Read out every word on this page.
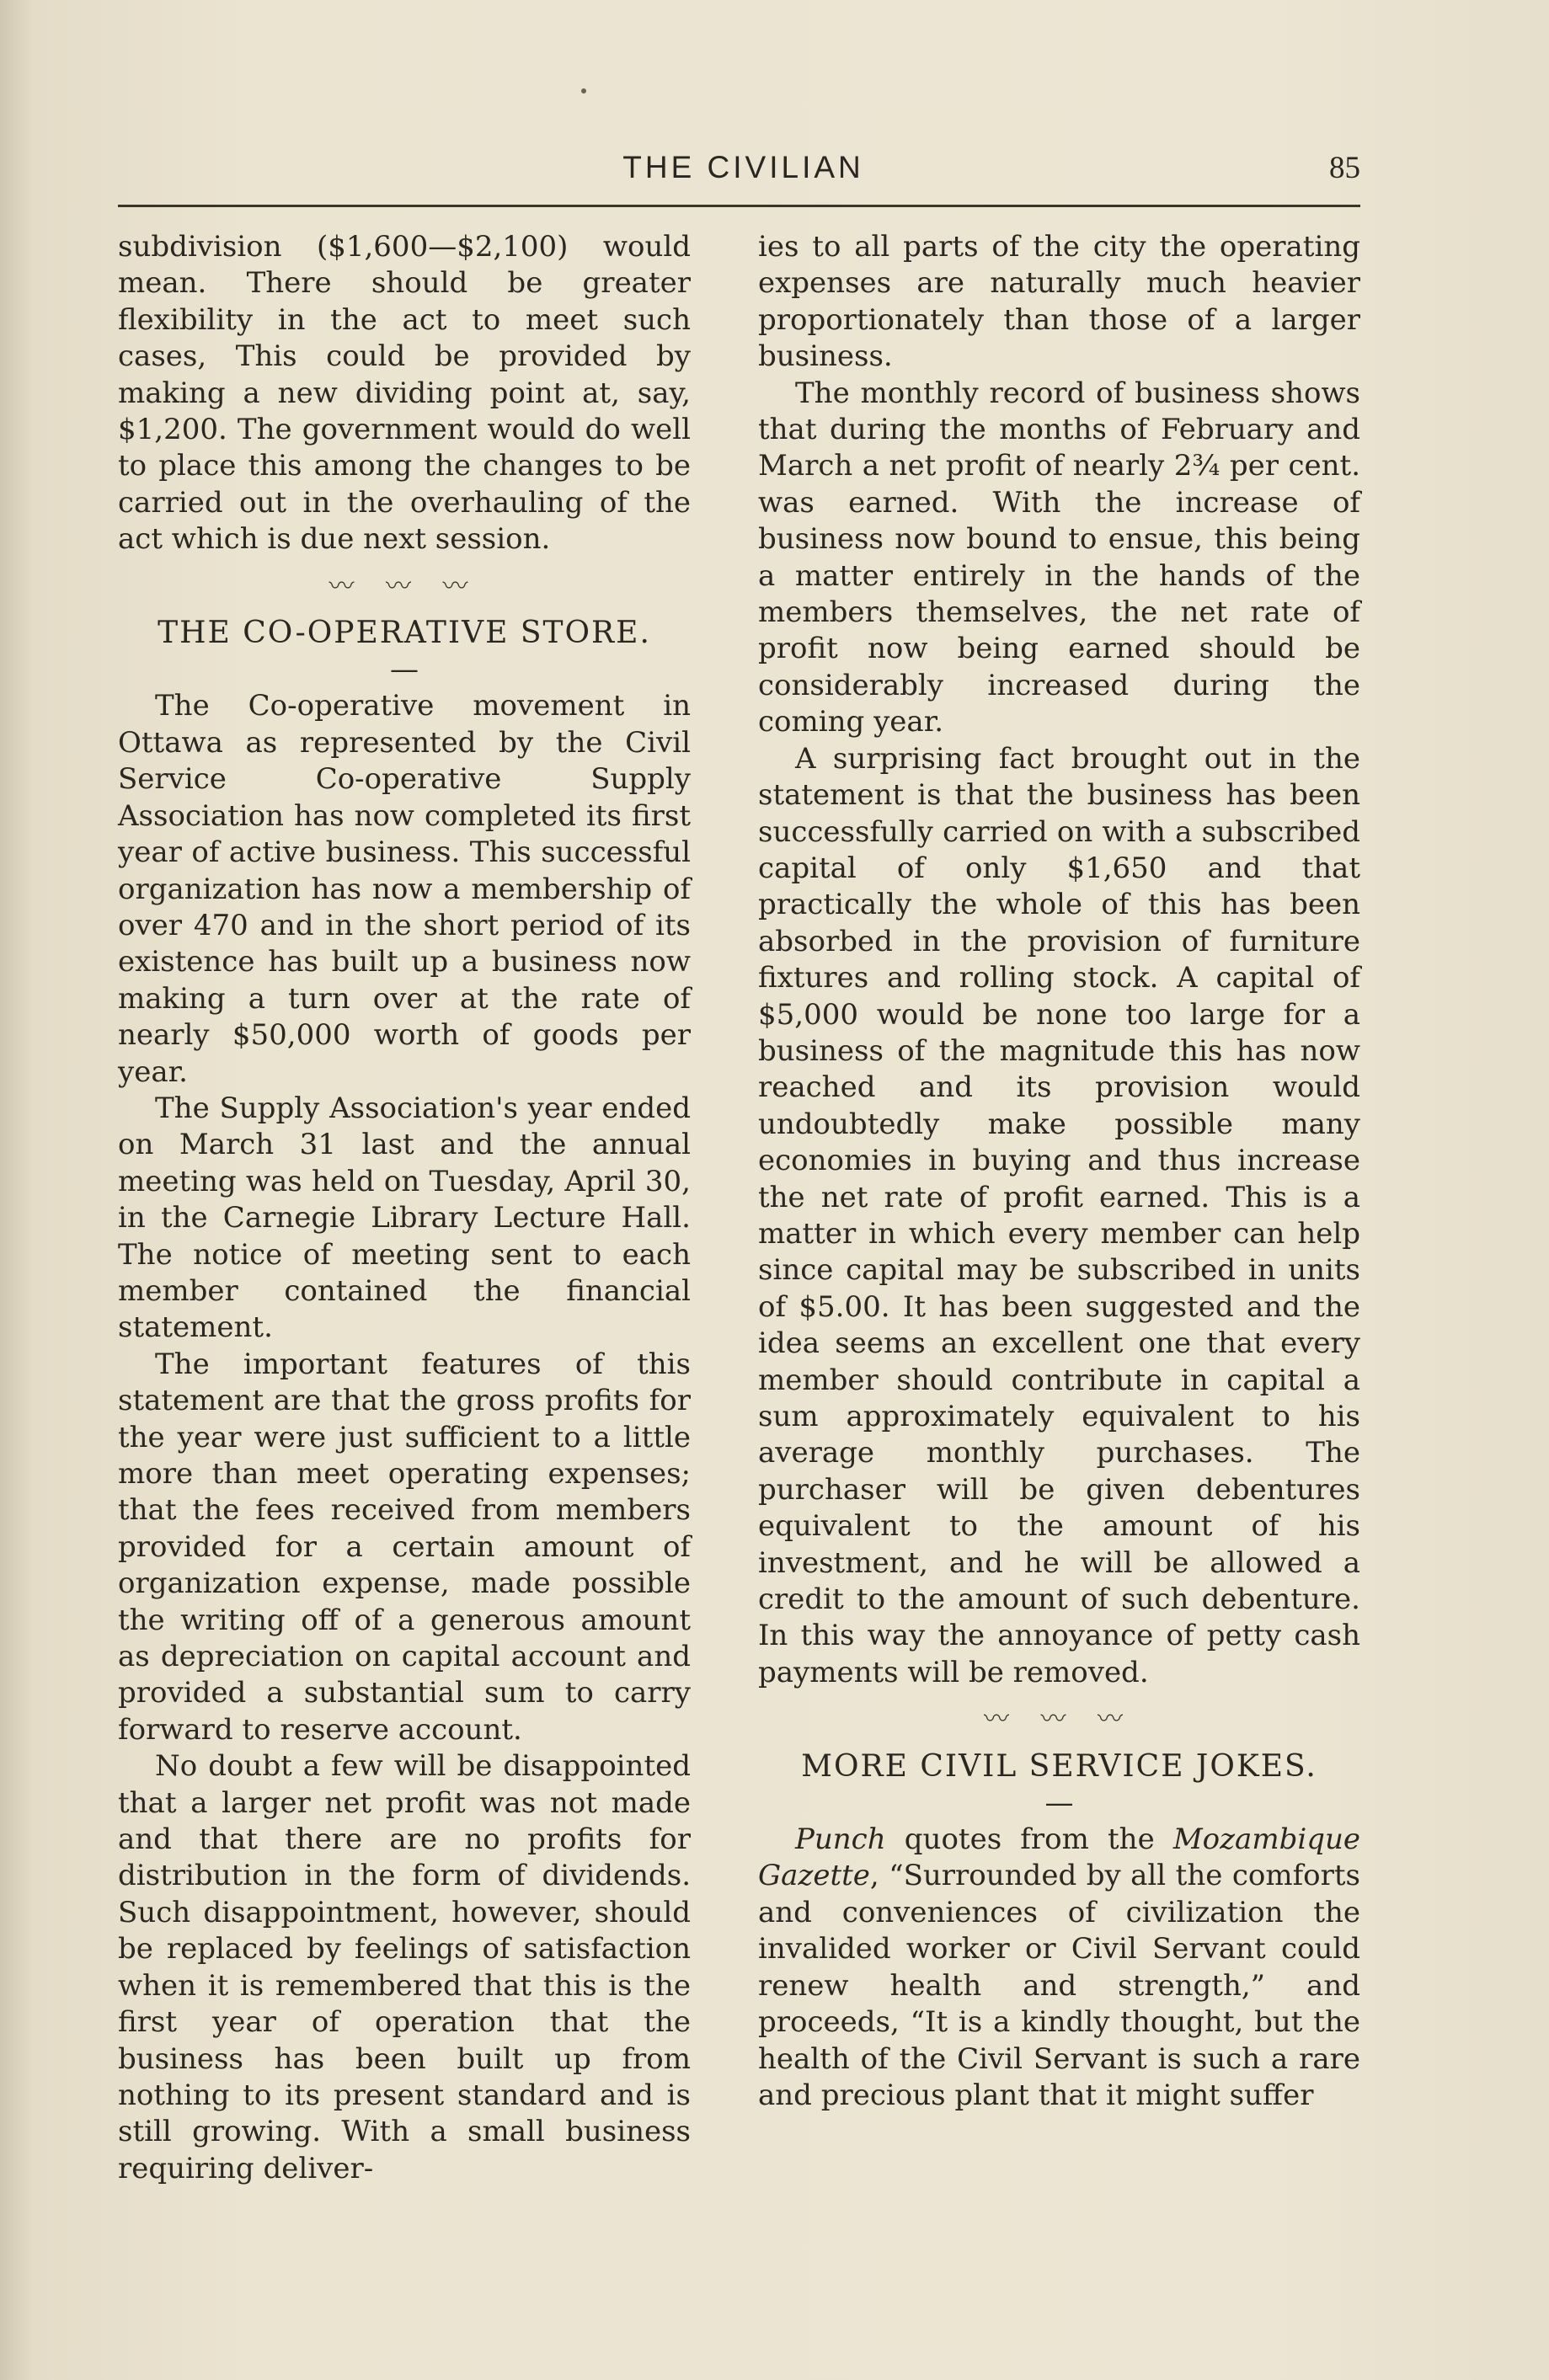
THE CIVILIAN	85

subdivision ($1,600—$2,100) would mean. There should be greater flexibility in the act to meet such cases, This could be provided by making a new dividing point at, say, $1,200. The government would do well to place this among the changes to be carried out in the overhauling of the act which is due next session.

〰 〰 〰
THE CO-OPERATIVE STORE.
—

The Co-operative movement in Ottawa as represented by the Civil Service Co-operative Supply Association has now completed its first year of active business. This successful organization has now a membership of over 470 and in the short period of its existence has built up a business now making a turn over at the rate of nearly $50,000 worth of goods per year.

The Supply Association's year ended on March 31 last and the annual meeting was held on Tuesday, April 30, in the Carnegie Library Lecture Hall. The notice of meeting sent to each member contained the financial statement.

The important features of this statement are that the gross profits for the year were just sufficient to a little more than meet operating expenses; that the fees received from members provided for a certain amount of organization expense, made possible the writing off of a generous amount as depreciation on capital account and provided a substantial sum to carry forward to reserve account.

No doubt a few will be disappointed that a larger net profit was not made and that there are no profits for distribution in the form of dividends. Such disappointment, however, should be replaced by feelings of satisfaction when it is remembered that this is the first year of operation that the business has been built up from nothing to its present standard and is still growing. With a small business requiring deliver-

ies to all parts of the city the operating expenses are naturally much heavier proportionately than those of a larger business.

The monthly record of business shows that during the months of February and March a net profit of nearly 2¾ per cent. was earned. With the increase of business now bound to ensue, this being a matter entirely in the hands of the members themselves, the net rate of profit now being earned should be considerably increased during the coming year.

A surprising fact brought out in the statement is that the business has been successfully carried on with a subscribed capital of only $1,650 and that practically the whole of this has been absorbed in the provision of furniture fixtures and rolling stock. A capital of $5,000 would be none too large for a business of the magnitude this has now reached and its provision would undoubtedly make possible many economies in buying and thus increase the net rate of profit earned. This is a matter in which every member can help since capital may be subscribed in units of $5.00. It has been suggested and the idea seems an excellent one that every member should contribute in capital a sum approximately equivalent to his average monthly purchases. The purchaser will be given debentures equivalent to the amount of his investment, and he will be allowed a credit to the amount of such debenture. In this way the annoyance of petty cash payments will be removed.

〰 〰 〰
MORE CIVIL SERVICE JOKES.
—

Punch quotes from the Mozambique Gazette, “Surrounded by all the comforts and conveniences of civilization the invalided worker or Civil Servant could renew health and strength,” and proceeds, “It is a kindly thought, but the health of the Civil Servant is such a rare and precious plant that it might suffer
